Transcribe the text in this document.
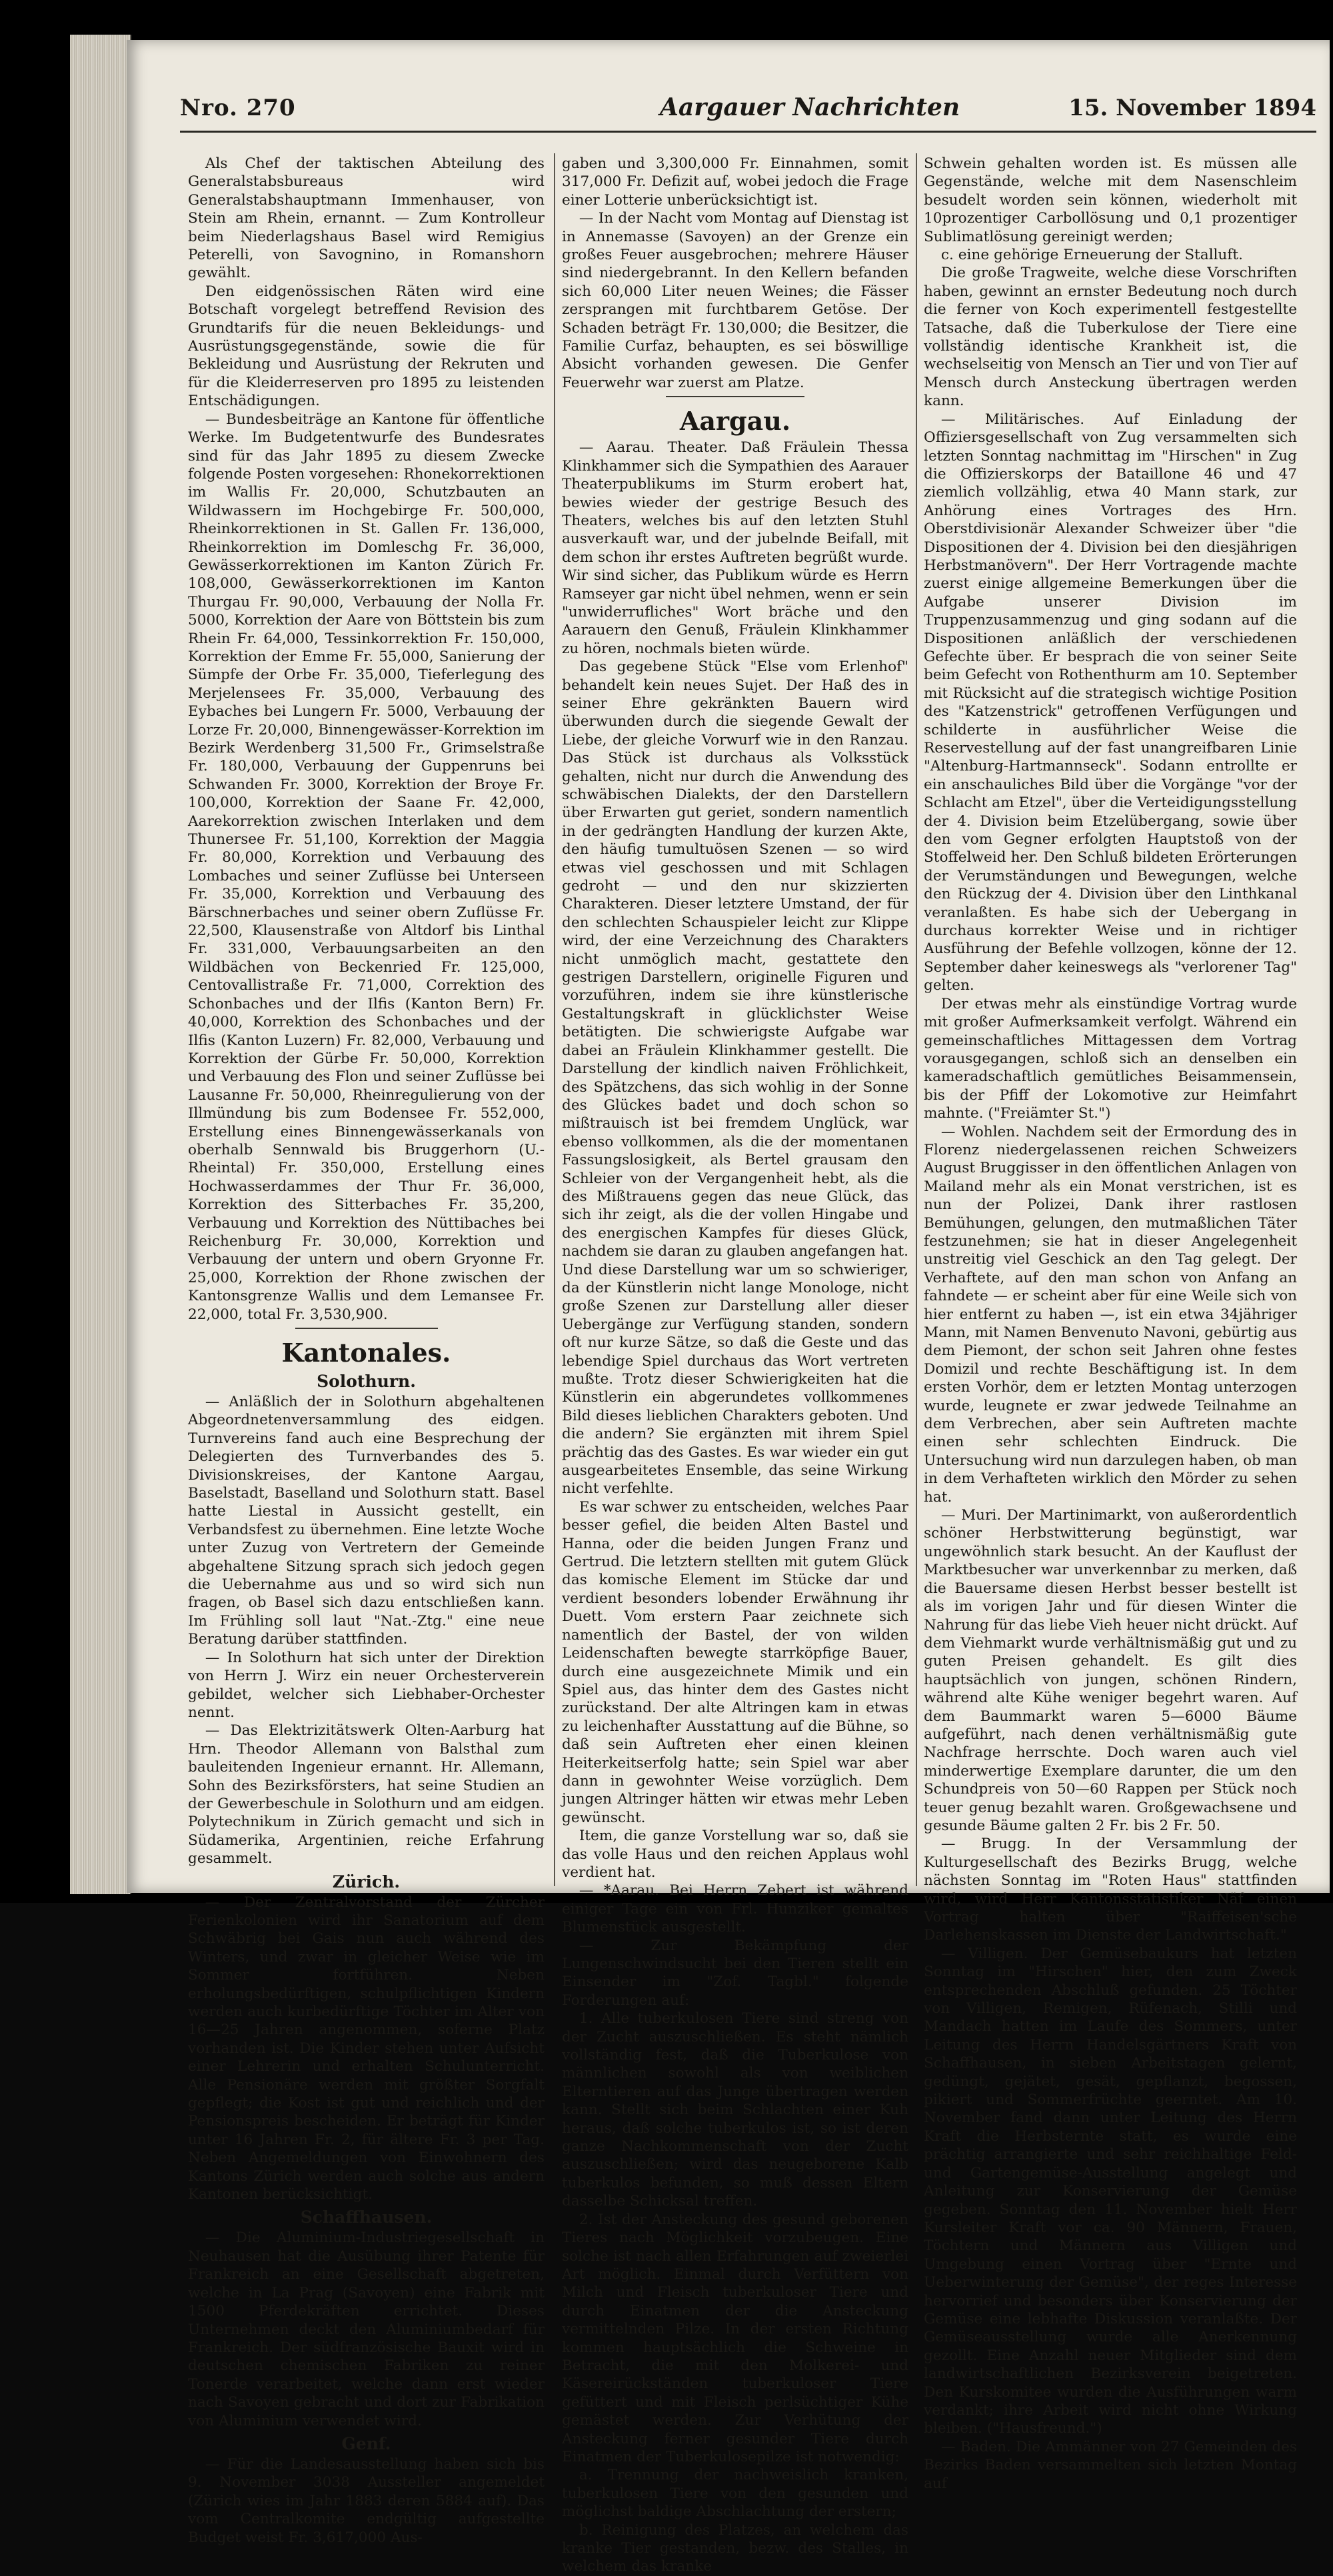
Nro. 270	Aargauer Nachrichten	15. November 1894

Als Chef der taktischen Abteilung des Generalstabsbureaus wird Generalstabshauptmann Immenhauser, von Stein am Rhein, ernannt. — Zum Kontrolleur beim Niederlagshaus Basel wird Remigius Peterelli, von Savognino, in Romanshorn gewählt.

Den eidgenössischen Räten wird eine Botschaft vorgelegt betreffend Revision des Grundtarifs für die neuen Bekleidungs- und Ausrüstungsgegenstände, sowie die für Bekleidung und Ausrüstung der Rekruten und für die Kleiderreserven pro 1895 zu leistenden Entschädigungen.

— Bundesbeiträge an Kantone für öffentliche Werke. Im Budgetentwurfe des Bundesrates sind für das Jahr 1895 zu diesem Zwecke folgende Posten vorgesehen: Rhonekorrektionen im Wallis Fr. 20,000, Schutzbauten an Wildwassern im Hochgebirge Fr. 500,000, Rheinkorrektionen in St. Gallen Fr. 136,000, Rheinkorrektion im Domleschg Fr. 36,000, Gewässerkorrektionen im Kanton Zürich Fr. 108,000, Gewässerkorrektionen im Kanton Thurgau Fr. 90,000, Verbauung der Nolla Fr. 5000, Korrektion der Aare von Böttstein bis zum Rhein Fr. 64,000, Tessinkorrektion Fr. 150,000, Korrektion der Emme Fr. 55,000, Sanierung der Sümpfe der Orbe Fr. 35,000, Tieferlegung des Merjelensees Fr. 35,000, Verbauung des Eybaches bei Lungern Fr. 5000, Verbauung der Lorze Fr. 20,000, Binnengewässer-Korrektion im Bezirk Werdenberg 31,500 Fr., Grimselstraße Fr. 180,000, Verbauung der Guppenruns bei Schwanden Fr. 3000, Korrektion der Broye Fr. 100,000, Korrektion der Saane Fr. 42,000, Aarekorrektion zwischen Interlaken und dem Thunersee Fr. 51,100, Korrektion der Maggia Fr. 80,000, Korrektion und Verbauung des Lombaches und seiner Zuflüsse bei Unterseen Fr. 35,000, Korrektion und Verbauung des Bärschnerbaches und seiner obern Zuflüsse Fr. 22,500, Klausenstraße von Altdorf bis Linthal Fr. 331,000, Verbauungsarbeiten an den Wildbächen von Beckenried Fr. 125,000, Centovallistraße Fr. 71,000, Correktion des Schonbaches und der Ilfis (Kanton Bern) Fr. 40,000, Korrektion des Schonbaches und der Ilfis (Kanton Luzern) Fr. 82,000, Verbauung und Korrektion der Gürbe Fr. 50,000, Korrektion und Verbauung des Flon und seiner Zuflüsse bei Lausanne Fr. 50,000, Rheinregulierung von der Illmündung bis zum Bodensee Fr. 552,000, Erstellung eines Binnengewässerkanals von oberhalb Sennwald bis Bruggerhorn (U.-Rheintal) Fr. 350,000, Erstellung eines Hochwasserdammes der Thur Fr. 36,000, Korrektion des Sitterbaches Fr. 35,200, Verbauung und Korrektion des Nüttibaches bei Reichenburg Fr. 30,000, Korrektion und Verbauung der untern und obern Gryonne Fr. 25,000, Korrektion der Rhone zwischen der Kantonsgrenze Wallis und dem Lemansee Fr. 22,000, total Fr. 3,530,900.

Kantonales.
Solothurn.

— Anläßlich der in Solothurn abgehaltenen Abgeordnetenversammlung des eidgen. Turnvereins fand auch eine Besprechung der Delegierten des Turnverbandes des 5. Divisionskreises, der Kantone Aargau, Baselstadt, Baselland und Solothurn statt. Basel hatte Liestal in Aussicht gestellt, ein Verbandsfest zu übernehmen. Eine letzte Woche unter Zuzug von Vertretern der Gemeinde abgehaltene Sitzung sprach sich jedoch gegen die Uebernahme aus und so wird sich nun fragen, ob Basel sich dazu entschließen kann. Im Frühling soll laut "Nat.-Ztg." eine neue Beratung darüber stattfinden.

— In Solothurn hat sich unter der Direktion von Herrn J. Wirz ein neuer Orchesterverein gebildet, welcher sich Liebhaber-Orchester nennt.

— Das Elektrizitätswerk Olten-Aarburg hat Hrn. Theodor Allemann von Balsthal zum bauleitenden Ingenieur ernannt. Hr. Allemann, Sohn des Bezirksförsters, hat seine Studien an der Gewerbeschule in Solothurn und am eidgen. Polytechnikum in Zürich gemacht und sich in Südamerika, Argentinien, reiche Erfahrung gesammelt.

Zürich.

— Der Zentralvorstand der Zürcher Ferienkolonien wird ihr Sanatorium auf dem Schwäbrig bei Gais nun auch während des Winters, und zwar in gleicher Weise wie im Sommer fortführen. Neben erholungsbedürftigen, schulpflichtigen Kindern werden auch kurbedürftige Töchter im Alter von 16—25 Jahren angenommen, soferne Platz vorhanden ist. Die Kinder stehen unter Aufsicht einer Lehrerin und erhalten Schulunterricht. Alle Pensionäre werden mit größter Sorgfalt gepflegt; die Kost ist gut und reichlich und der Pensionspreis bescheiden. Er beträgt für Kinder unter 16 Jahren Fr. 2, für ältere Fr. 3 per Tag. Neben Angemeldungen von Einwohnern des Kantons Zürich werden auch solche aus andern Kantonen berücksichtigt.

Schaffhausen.

— Die Aluminium-Industriegesellschaft in Neuhausen hat die Ausübung ihrer Patente für Frankreich an eine Gesellschaft abgetreten, welche in La Prag (Savoyen) eine Fabrik mit 1500 Pferdekräften errichtet. Dieses Unternehmen deckt den Aluminiumbedarf für Frankreich. Der südfranzösische Bauxit wird in deutschen chemischen Fabriken zu reiner Tonerde verarbeitet, welche dann erst wieder nach Savoyen gebracht und dort zur Fabrikation von Aluminium verwendet wird.

Genf.

— Für die Landesausstellung haben sich bis 9. November 3038 Aussteller angemeldet (Zürich wies im Jahr 1883 deren 5884 auf). Das vom Centralkomite endgültig aufgestellte Budget weist Fr. 3,617,000 Aus-

gaben und 3,300,000 Fr. Einnahmen, somit 317,000 Fr. Defizit auf, wobei jedoch die Frage einer Lotterie unberücksichtigt ist.

— In der Nacht vom Montag auf Dienstag ist in Annemasse (Savoyen) an der Grenze ein großes Feuer ausgebrochen; mehrere Häuser sind niedergebrannt. In den Kellern befanden sich 60,000 Liter neuen Weines; die Fässer zersprangen mit furchtbarem Getöse. Der Schaden beträgt Fr. 130,000; die Besitzer, die Familie Curfaz, behaupten, es sei böswillige Absicht vorhanden gewesen. Die Genfer Feuerwehr war zuerst am Platze.

Aargau.

— Aarau. Theater. Daß Fräulein Thessa Klinkhammer sich die Sympathien des Aarauer Theaterpublikums im Sturm erobert hat, bewies wieder der gestrige Besuch des Theaters, welches bis auf den letzten Stuhl ausverkauft war, und der jubelnde Beifall, mit dem schon ihr erstes Auftreten begrüßt wurde. Wir sind sicher, das Publikum würde es Herrn Ramseyer gar nicht übel nehmen, wenn er sein "unwiderrufliches" Wort bräche und den Aarauern den Genuß, Fräulein Klinkhammer zu hören, nochmals bieten würde.

Das gegebene Stück "Else vom Erlenhof" behandelt kein neues Sujet. Der Haß des in seiner Ehre gekränkten Bauern wird überwunden durch die siegende Gewalt der Liebe, der gleiche Vorwurf wie in den Ranzau. Das Stück ist durchaus als Volksstück gehalten, nicht nur durch die Anwendung des schwäbischen Dialekts, der den Darstellern über Erwarten gut geriet, sondern namentlich in der gedrängten Handlung der kurzen Akte, den häufig tumultuösen Szenen — so wird etwas viel geschossen und mit Schlagen gedroht — und den nur skizzierten Charakteren. Dieser letztere Umstand, der für den schlechten Schauspieler leicht zur Klippe wird, der eine Verzeichnung des Charakters nicht unmöglich macht, gestattete den gestrigen Darstellern, originelle Figuren und vorzuführen, indem sie ihre künstlerische Gestaltungskraft in glücklichster Weise betätigten. Die schwierigste Aufgabe war dabei an Fräulein Klinkhammer gestellt. Die Darstellung der kindlich naiven Fröhlichkeit, des Spätzchens, das sich wohlig in der Sonne des Glückes badet und doch schon so mißtrauisch ist bei fremdem Unglück, war ebenso vollkommen, als die der momentanen Fassungslosigkeit, als Bertel grausam den Schleier von der Vergangenheit hebt, als die des Mißtrauens gegen das neue Glück, das sich ihr zeigt, als die der vollen Hingabe und des energischen Kampfes für dieses Glück, nachdem sie daran zu glauben angefangen hat. Und diese Darstellung war um so schwieriger, da der Künstlerin nicht lange Monologe, nicht große Szenen zur Darstellung aller dieser Uebergänge zur Verfügung standen, sondern oft nur kurze Sätze, so daß die Geste und das lebendige Spiel durchaus das Wort vertreten mußte. Trotz dieser Schwierigkeiten hat die Künstlerin ein abgerundetes vollkommenes Bild dieses lieblichen Charakters geboten. Und die andern? Sie ergänzten mit ihrem Spiel prächtig das des Gastes. Es war wieder ein gut ausgearbeitetes Ensemble, das seine Wirkung nicht verfehlte.

Es war schwer zu entscheiden, welches Paar besser gefiel, die beiden Alten Bastel und Hanna, oder die beiden Jungen Franz und Gertrud. Die letztern stellten mit gutem Glück das komische Element im Stücke dar und verdient besonders lobender Erwähnung ihr Duett. Vom erstern Paar zeichnete sich namentlich der Bastel, der von wilden Leidenschaften bewegte starrköpfige Bauer, durch eine ausgezeichnete Mimik und ein Spiel aus, das hinter dem des Gastes nicht zurückstand. Der alte Altringen kam in etwas zu leichenhafter Ausstattung auf die Bühne, so daß sein Auftreten eher einen kleinen Heiterkeitserfolg hatte; sein Spiel war aber dann in gewohnter Weise vorzüglich. Dem jungen Altringer hätten wir etwas mehr Leben gewünscht.

Item, die ganze Vorstellung war so, daß sie das volle Haus und den reichen Applaus wohl verdient hat.

— *Aarau. Bei Herrn Zebert ist während einiger Tage ein von Frl. Hunziker gemaltes Blumenstück ausgestellt.

— Zur Bekämpfung der Lungenschwindsucht bei den Tieren stellt ein Einsender im "Zof. Tagbl." folgende Forderungen auf:

1. Alle tuberkulosen Tiere sind streng von der Zucht auszuschließen. Es steht nämlich vollständig fest, daß die Tuberkulose von männlichen sowohl als von weiblichen Elterntieren auf das Junge übertragen werden kann. Stellt sich beim Schlachten einer Kuh heraus, daß solche tuberkulos ist, so ist deren ganze Nachkommenschaft von der Zucht auszuschließen; wird das neugeborene Kalb tuberkulos befunden, so muß dessen Eltern dasselbe Schicksal treffen.

2. Ist der Ansteckung des gesund geborenen Tieres nach Möglichkeit vorzubeugen. Eine solche ist nach allen Erfahrungen auf zweierlei Art möglich. Einmal durch Verfüttern von Milch und Fleisch tuberkuloser Tiere und durch Einatmen der die Ansteckung vermittelnden Pilze. In der ersten Richtung kommen hauptsächlich die Schweine in Betracht, die mit den Molkerei- und Käsereirückständen tuberkuloser Tiere gefüttert und mit Fleisch perlsüchtiger Kühe gemästet werden. Zur Verhütung der Ansteckung ferner gesunder Tiere durch Einatmen der Tuberkulosepilze ist notwendig:

a. Trennung der nachweislich kranken, tuberkulosen Tiere von den gesunden und möglichst baldige Abschlachtung der erstern;

b. Reinigung des Platzes, an welchem das kranke Tier gestanden, bezw. des Stalles, in welchem das kranke

Schwein gehalten worden ist. Es müssen alle Gegenstände, welche mit dem Nasenschleim besudelt worden sein können, wiederholt mit 10prozentiger Carbollösung und 0,1 prozentiger Sublimatlösung gereinigt werden;

c. eine gehörige Erneuerung der Stalluft.

Die große Tragweite, welche diese Vorschriften haben, gewinnt an ernster Bedeutung noch durch die ferner von Koch experimentell festgestellte Tatsache, daß die Tuberkulose der Tiere eine vollständig identische Krankheit ist, die wechselseitig von Mensch an Tier und von Tier auf Mensch durch Ansteckung übertragen werden kann.

— Militärisches. Auf Einladung der Offiziersgesellschaft von Zug versammelten sich letzten Sonntag nachmittag im "Hirschen" in Zug die Offizierskorps der Bataillone 46 und 47 ziemlich vollzählig, etwa 40 Mann stark, zur Anhörung eines Vortrages des Hrn. Oberstdivisionär Alexander Schweizer über "die Dispositionen der 4. Division bei den diesjährigen Herbstmanövern". Der Herr Vortragende machte zuerst einige allgemeine Bemerkungen über die Aufgabe unserer Division im Truppenzusammenzug und ging sodann auf die Dispositionen anläßlich der verschiedenen Gefechte über. Er besprach die von seiner Seite beim Gefecht von Rothenthurm am 10. September mit Rücksicht auf die strategisch wichtige Position des "Katzenstrick" getroffenen Verfügungen und schilderte in ausführlicher Weise die Reservestellung auf der fast unangreifbaren Linie "Altenburg-Hartmannseck". Sodann entrollte er ein anschauliches Bild über die Vorgänge "vor der Schlacht am Etzel", über die Verteidigungsstellung der 4. Division beim Etzelübergang, sowie über den vom Gegner erfolgten Hauptstoß von der Stoffelweid her. Den Schluß bildeten Erörterungen der Verumständungen und Bewegungen, welche den Rückzug der 4. Division über den Linthkanal veranlaßten. Es habe sich der Uebergang in durchaus korrekter Weise und in richtiger Ausführung der Befehle vollzogen, könne der 12. September daher keineswegs als "verlorener Tag" gelten.

Der etwas mehr als einstündige Vortrag wurde mit großer Aufmerksamkeit verfolgt. Während ein gemeinschaftliches Mittagessen dem Vortrag vorausgegangen, schloß sich an denselben ein kameradschaftlich gemütliches Beisammensein, bis der Pfiff der Lokomotive zur Heimfahrt mahnte. ("Freiämter St.")

— Wohlen. Nachdem seit der Ermordung des in Florenz niedergelassenen reichen Schweizers August Bruggisser in den öffentlichen Anlagen von Mailand mehr als ein Monat verstrichen, ist es nun der Polizei, Dank ihrer rastlosen Bemühungen, gelungen, den mutmaßlichen Täter festzunehmen; sie hat in dieser Angelegenheit unstreitig viel Geschick an den Tag gelegt. Der Verhaftete, auf den man schon von Anfang an fahndete — er scheint aber für eine Weile sich von hier entfernt zu haben —, ist ein etwa 34jähriger Mann, mit Namen Benvenuto Navoni, gebürtig aus dem Piemont, der schon seit Jahren ohne festes Domizil und rechte Beschäftigung ist. In dem ersten Vorhör, dem er letzten Montag unterzogen wurde, leugnete er zwar jedwede Teilnahme an dem Verbrechen, aber sein Auftreten machte einen sehr schlechten Eindruck. Die Untersuchung wird nun darzulegen haben, ob man in dem Verhafteten wirklich den Mörder zu sehen hat.

— Muri. Der Martinimarkt, von außerordentlich schöner Herbstwitterung begünstigt, war ungewöhnlich stark besucht. An der Kauflust der Marktbesucher war unverkennbar zu merken, daß die Bauersame diesen Herbst besser bestellt ist als im vorigen Jahr und für diesen Winter die Nahrung für das liebe Vieh heuer nicht drückt. Auf dem Viehmarkt wurde verhältnismäßig gut und zu guten Preisen gehandelt. Es gilt dies hauptsächlich von jungen, schönen Rindern, während alte Kühe weniger begehrt waren. Auf dem Baummarkt waren 5—6000 Bäume aufgeführt, nach denen verhältnismäßig gute Nachfrage herrschte. Doch waren auch viel minderwertige Exemplare darunter, die um den Schundpreis von 50—60 Rappen per Stück noch teuer genug bezahlt waren. Großgewachsene und gesunde Bäume galten 2 Fr. bis 2 Fr. 50.

— Brugg. In der Versammlung der Kulturgesellschaft des Bezirks Brugg, welche nächsten Sonntag im "Roten Haus" stattfinden wird, wird Herr Kantonsstatistiker Näf einen Vortrag halten über "Raiffeisen'sche Darlehenskassen im Dienste der Landwirtschaft."

— Villigen. Der Gemüsebaukurs hat letzten Sonntag im "Hirschen" hier, den zum Zweck entsprechenden Abschluß gefunden. 25 Töchter von Villigen, Remigen, Rüfenach, Stilli und Mandach hatten im Laufe des Sommers, unter Leitung des Herrn Handelsgärtners Kraft von Schaffhausen, in sieben Arbeitstagen gelernt, gedüngt, gejätet, gesät, gepflanzt, begossen, pikiert und Sommerfrüchte geerntet. Am 10. November fand dann unter Leitung des Herrn Kraft die Herbsternte statt, es wurde eine prächtig arrangierte und sehr reichhaltige Feld- und Gartengemüse-Ausstellung angelegt und Anleitung zur Konservierung der Gemüse gegeben. Sonntag den 11. November hielt Herr Kursleiter Kraft vor ca. 90 Männern, Frauen, Töchtern und Männern aus Villigen und Umgebung einen Vortrag über "Ernte und Ueberwinterung der Gemüse", der reges Interesse hervorrief und besonders über Konservierung der Gemüse eine lebhafte Diskussion veranlaßte. Der Gemüseausstellung wurde alle Anerkennung gezollt. Eine Anzahl neuer Mitglieder sind dem landwirtschaftlichen Bezirksverein beigetreten. Den Kurskomitee wurden die Ausführungen warm verdankt; ihre Arbeit wird nicht ohne Wirkung bleiben. ("Hausfreund.")

— Baden. Die Ammänner von 27 Gemeinden des Bezirks Baden versammelten sich letzten Montag auf
